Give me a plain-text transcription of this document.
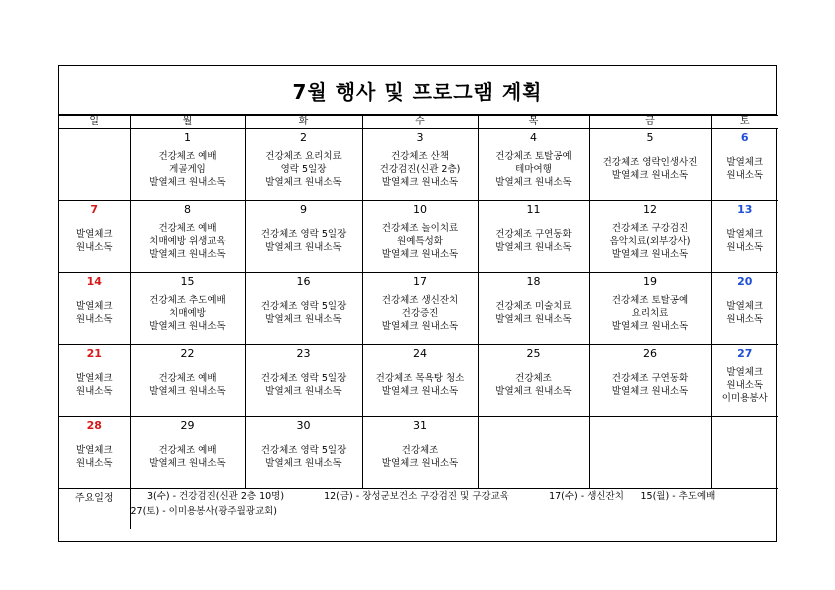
7월 행사 및 프로그램 계획
일	월	화	수	목	금	토

	1
건강체조 예배
게골게임
발열체크 원내소독	2
건강체조 요리치료
영락 5일장
발열체크 원내소독	3
건강체조 산책
건강검진(신관 2층)
발열체크 원내소독	4
건강체조 토탈공예
테마여행
발열체크 원내소독	5
건강체조 영락인생사진
발열체크 원내소독	6
발열체크
원내소독

7
발열체크
원내소독	8
건강체조 예배
치매예방 위생교육
발열체크 원내소독	9
건강체조 영락 5일장
발열체크 원내소독	10
건강체조 놀이치료
원예특성화
발열체크 원내소독	11
건강체조 구연동화
발열체크 원내소독	12
건강체조 구강검진
음악치료(외부강사)
발열체크 원내소독	13
발열체크
원내소독

14
발열체크
원내소독	15
건강체조 추도예배
치매예방
발열체크 원내소독	16
건강체조 영락 5일장
발열체크 원내소독	17
건강체조 생신잔치
건강증진
발열체크 원내소독	18
건강체조 미술치료
발열체크 원내소독	19
건강체조 토탈공예
요리치료
발열체크 원내소독	20
발열체크
원내소독

21
발열체크
원내소독	22
건강체조 예배
발열체크 원내소독	23
건강체조 영락 5일장
발열체크 원내소독	24
건강체조 목욕탕 청소
발열체크 원내소독	25
건강체조
발열체크 원내소독	26
건강체조 구연동화
발열체크 원내소독	27
발열체크
원내소독
이미용봉사

28
발열체크
원내소독	29
건강체조 예배
발열체크 원내소독	30
건강체조 영락 5일장
발열체크 원내소독	31
건강체조
발열체크 원내소독			

주요일정	3(수) - 건강검진(신관 2층 10명) 12(금) - 장성군보건소 구강검진 및 구강교육 17(수) - 생신잔치 15(월) - 추도예배
27(토) - 이미용봉사(광주월광교회)					
